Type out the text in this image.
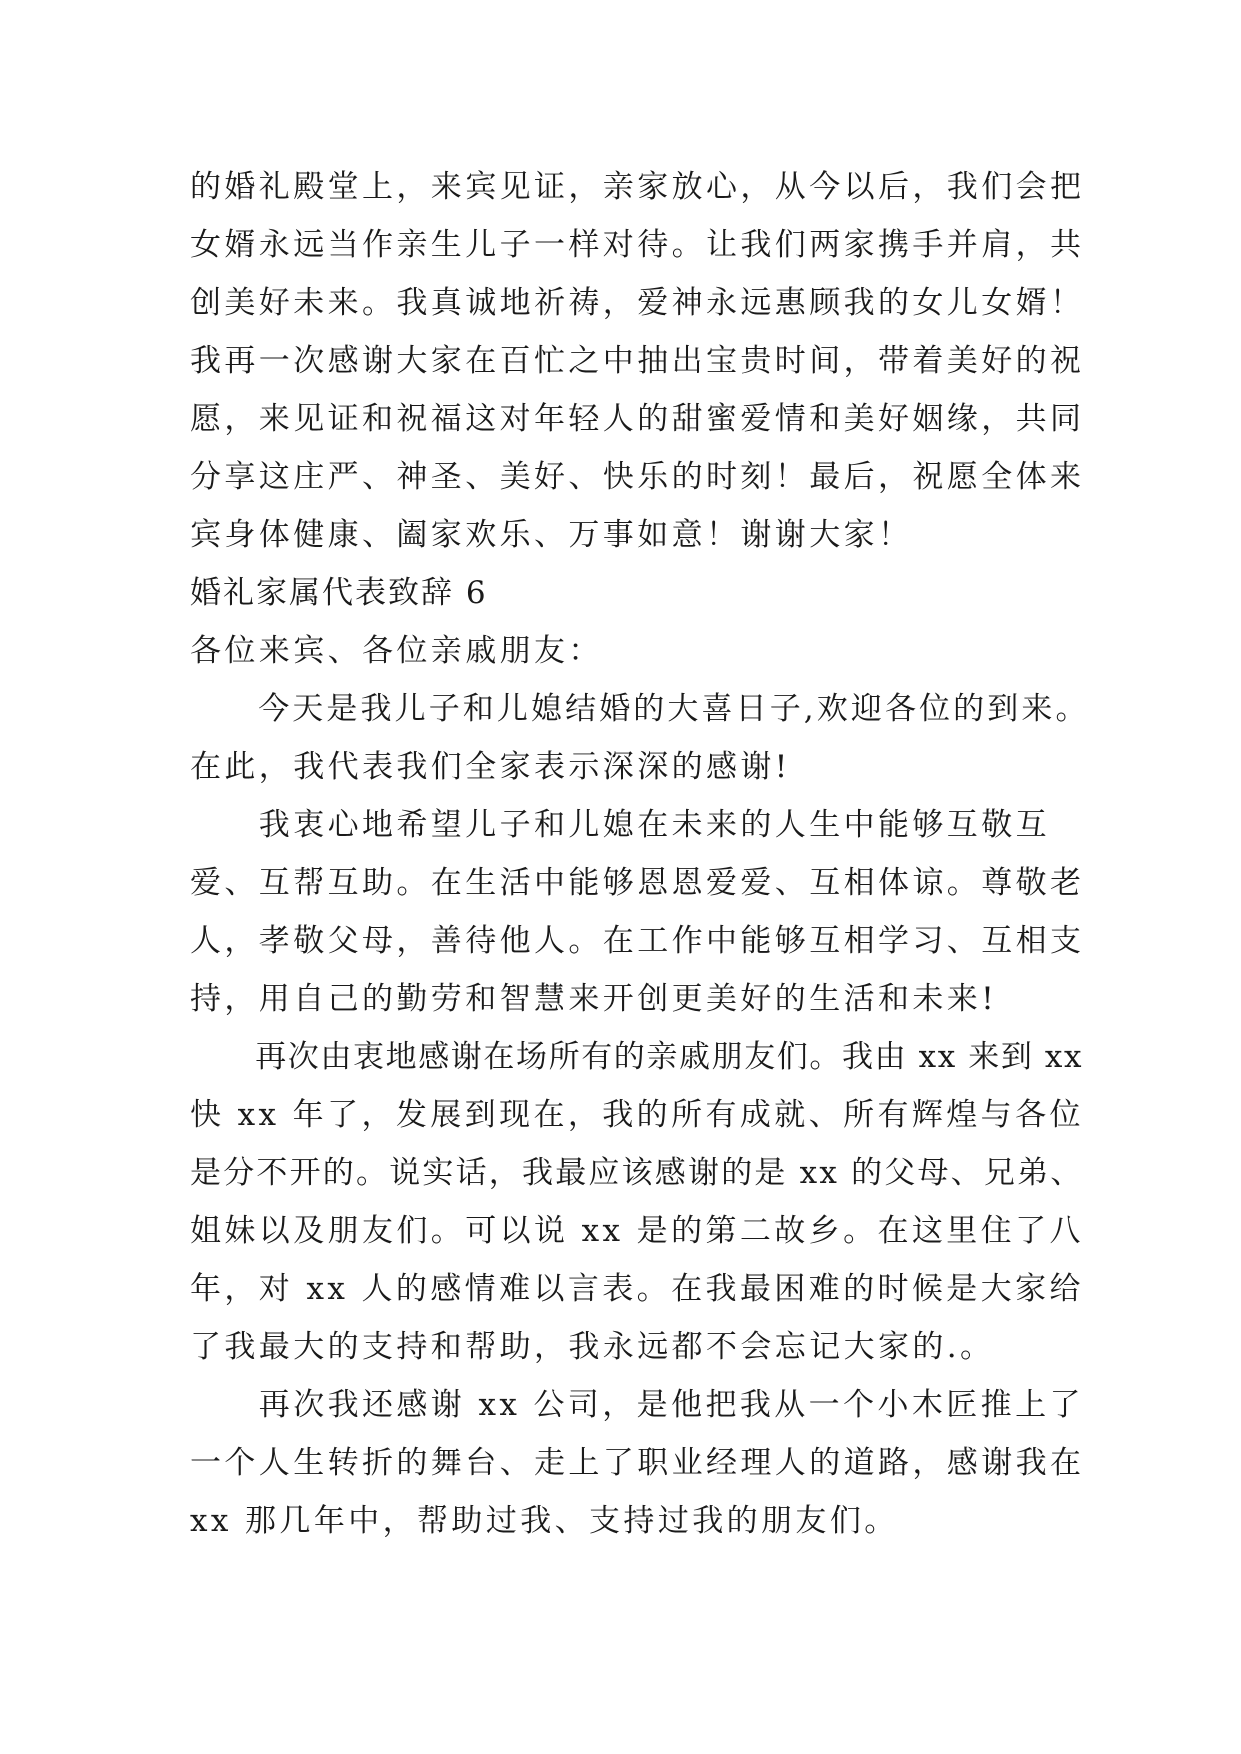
的婚礼殿堂上，来宾见证，亲家放心，从今以后，我们会把
女婿永远当作亲生儿子一样对待。让我们两家携手并肩，共
创美好未来。我真诚地祈祷，爱神永远惠顾我的女儿女婿！
我再一次感谢大家在百忙之中抽出宝贵时间，带着美好的祝
愿，来见证和祝福这对年轻人的甜蜜爱情和美好姻缘，共同
分享这庄严、神圣、美好、快乐的时刻！最后，祝愿全体来
宾身体健康、阖家欢乐、万事如意！谢谢大家！
婚礼家属代表致辞 6
各位来宾、各位亲戚朋友：
　　今天是我儿子和儿媳结婚的大喜日子,欢迎各位的到来。
在此，我代表我们全家表示深深的感谢!
　　我衷心地希望儿子和儿媳在未来的人生中能够互敬互
爱、互帮互助。在生活中能够恩恩爱爱、互相体谅。尊敬老
人，孝敬父母，善待他人。在工作中能够互相学习、互相支
持，用自己的勤劳和智慧来开创更美好的生活和未来!
　　再次由衷地感谢在场所有的亲戚朋友们。我由 xx 来到 xx
快 xx 年了，发展到现在，我的所有成就、所有辉煌与各位
是分不开的。说实话，我最应该感谢的是 xx 的父母、兄弟、
姐妹以及朋友们。可以说 xx 是的第二故乡。在这里住了八
年，对 xx 人的感情难以言表。在我最困难的时候是大家给
了我最大的支持和帮助，我永远都不会忘记大家的.。
　　再次我还感谢 xx 公司，是他把我从一个小木匠推上了
一个人生转折的舞台、走上了职业经理人的道路，感谢我在
xx 那几年中，帮助过我、支持过我的朋友们。
